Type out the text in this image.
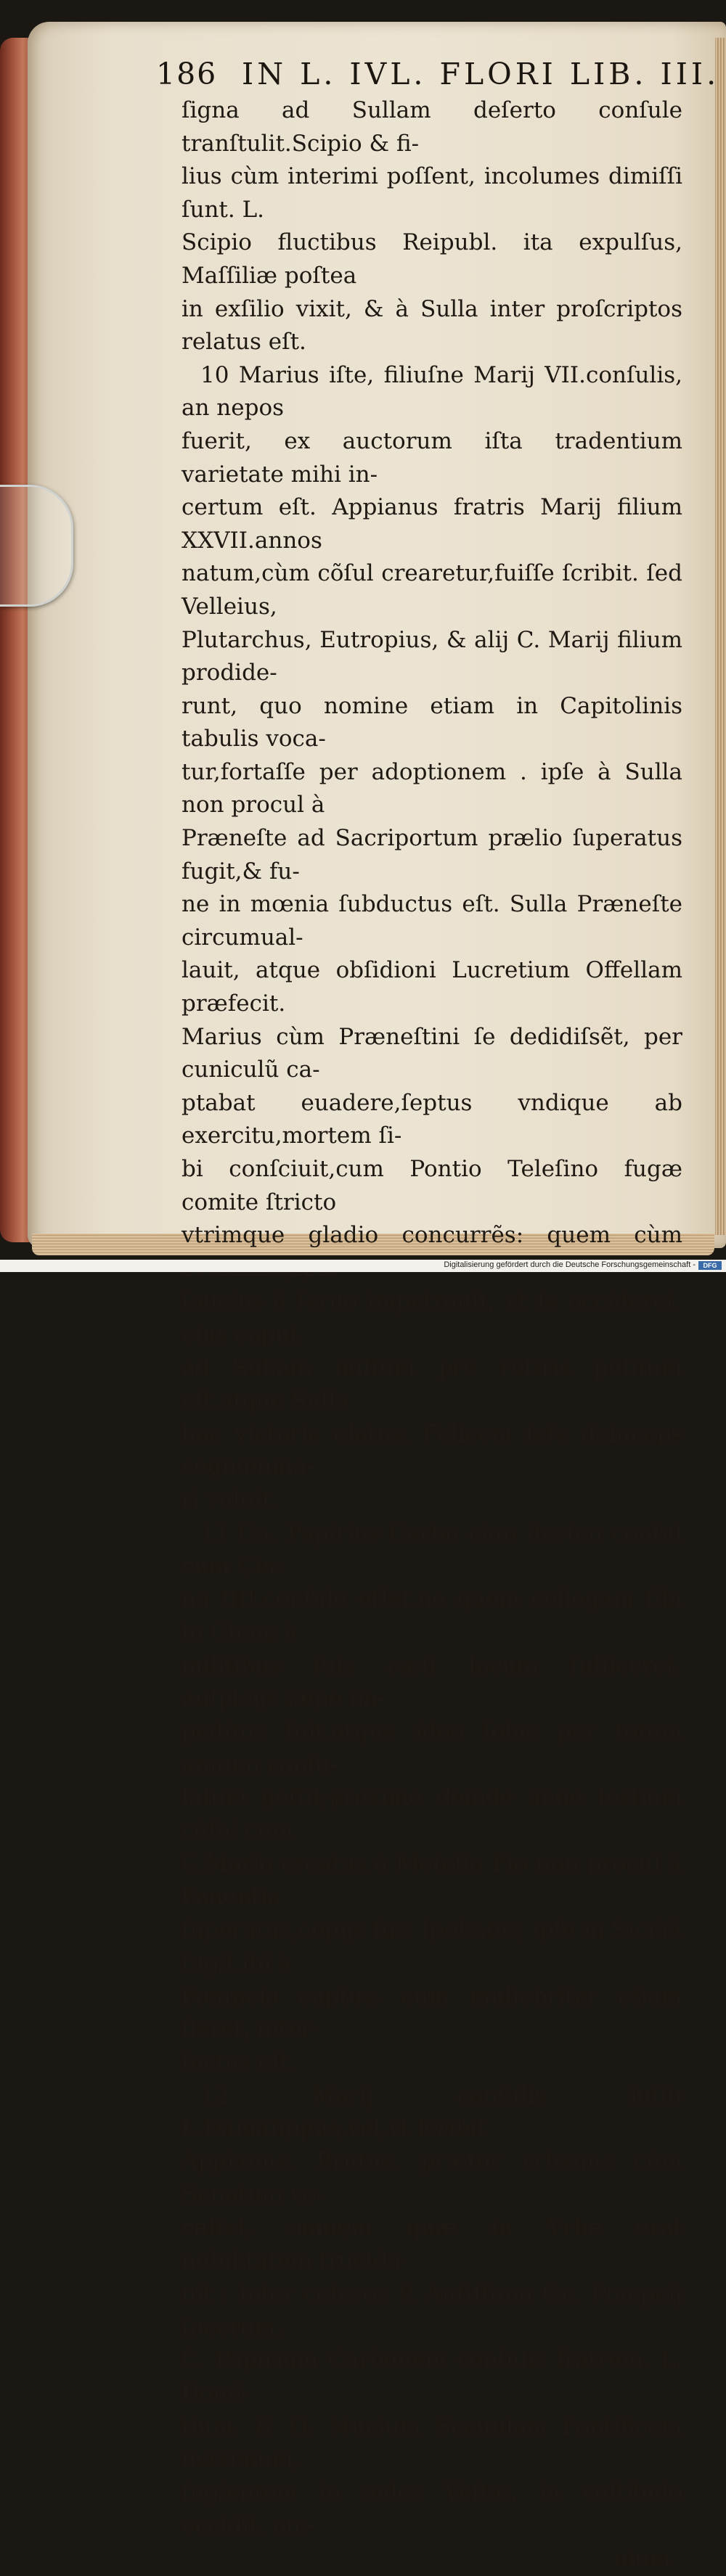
186 IN L. IVL. FLORI LIB. III.

ſigna ad Sullam deſerto conſule tranſtulit.Scipio & fi-

lius cùm interimi poſſent, incolumes dimiſſi ſunt. L.

Scipio fluctibus Reipubl. ita expulſus, Maſſiliæ poſtea

in exſilio vixit, & à Sulla inter proſcriptos relatus eſt.

10 Marius iſte, filiuſne Marij VII.conſulis, an nepos

fuerit, ex auctorum iſta tradentium varietate mihi in-

certum eſt. Appianus fratris Marij filium XXVII.annos

natum,cùm cõſul crearetur,fuiſſe ſcribit. ſed Velleius,

Plutarchus, Eutropius, & alij C. Marij filium prodide-

runt, quo nomine etiam in Capitolinis tabulis voca-

tur,fortaſſe per adoptionem . ipſe à Sulla non procul à

Præneſte ad Sacriportum prælio ſuperatus fugit,& fu-

ne in mœnia ſubductus eſt. Sulla Præneſte circumual-

lauit, atque obſidioni Lucretium Offellam præfecit.

Marius cùm Præneſtini ſe dedidiſsẽt, per cuniculũ ca-

ptabat euadere,ſeptus vndique ab exercitu,mortem ſi-

bi conſciuit,cum Pontio Teleſino fugæ comite ſtricto

vtrimque gladio concurrẽs: quem cùm

ſaucius à ſeruo impetrauit, vt ſe occideret. eius caput

ad Sullam miſſum pro roſtris poſitum eſt.atque Sulla

hac victoria elatus, Felicem ſeſe deinceps cognomina-

ri voluit.

11 Cn. Papirius Carbo cùm iterùm conſul cum Cin-

na IIII.conſule eſſet,ne quem collegam ſibi in Cinnę à

militibus ſuis cæſi locum ſufficeret, auſpicijs ſæpe im-

peditus fuit,atque ideo ſolus per totum annum conſu-

latum geſſit;proximo deinde anno tertiùm cõſul cum

C.Mario creatus,à Metello Pio non procul à Fauentia

ſuperatus,copijs ſuis ſpoliatur, ipſe in Siciliã fugit,ibi à

Pompeio captus, cum muliebriter etiam fleret, inter-

fectus eſt.

12 Marij conſulis iuſſu L.Damaſippus,vel,vt ſcribit

Appianus, Brutus, prætor vrbanus cùm Senatum vo-

caſſet, omnem quæ in Vrbe erat nobilitatem trucida-

uit : inter ceteros P. Antiſtium Cn. Pompeij ſocerum,

C. Papirium Carbonem conſulis fratrem, L. Domi-

tium, & Q. Mucium Sceuulam Pontificem maximum,

fugientem in ædes Veſtæ, in veſtibulo occidit. om-

nium

Digitalisierung gefördert durch die Deutsche Forschungsgemeinschaft -	DFG
